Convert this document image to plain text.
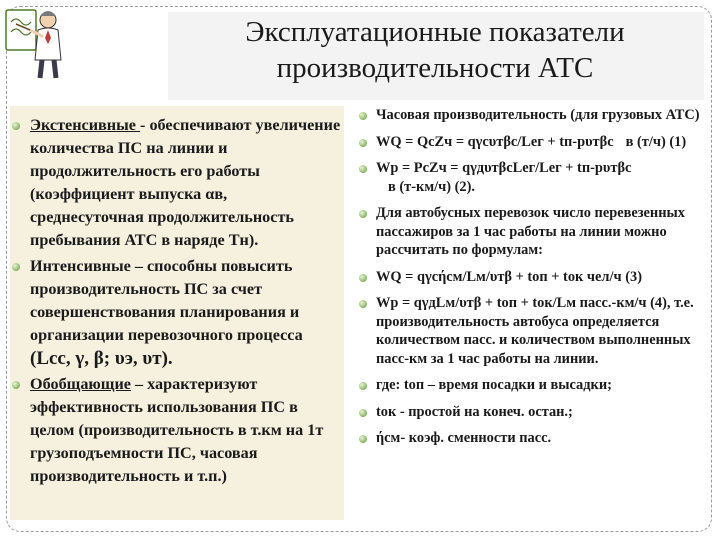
Эксплуатационные показатели
производительности АТС
Экстенсивные - обеспечивают увеличение количества ПС на линии и продолжительность его работы (коэффициент выпуска αв, среднесуточная продолжительность пребывания АТС в наряде Тн).
Интенсивные – способны повысить производительность ПС за счет совершенствования планирования и организации перевозочного процесса
(Lсс, γ, β; υэ, υт).
Обобщающие – характеризуют эффективность использования ПС в целом (производительность в т.км на 1т грузоподъемности ПС, часовая производительность и т.п.)
Часовая производительность (для грузовых АТС)
WQ = QсZч = qγсυтβс/Lег + tп-рυтβс в (т/ч) (1)
Wр = PсZч = qγдυтβсLег/Lег + tп-рυтβсв (т-км/ч) (2).
Для автобусных перевозок число перевезенных пассажиров за 1 час работы на линии можно рассчитать по формулам:
WQ = qγсήсм/Lм/υтβ + tоп + tок чел/ч (3)
Wр = qγдLм/υтβ + tоп + tок/Lм пасс.-км/ч (4), т.е. производительность автобуса определяется количеством пасс. и количеством выполненных пасс-км за 1 час работы на линии.
где: tоп – время посадки и высадки;
tок - простой на конеч. остан.;
ήсм- коэф. сменности пасс.
